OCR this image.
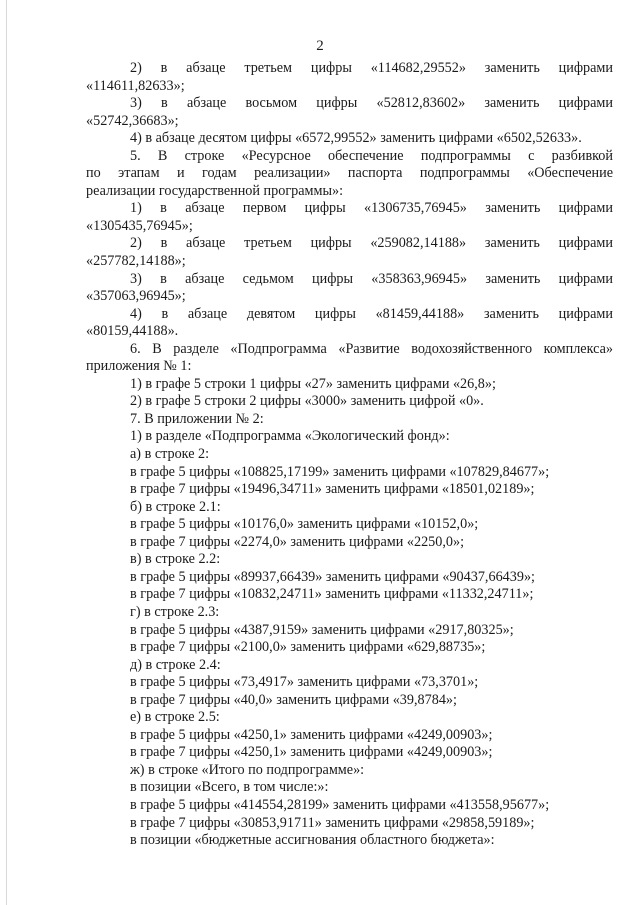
2
2) в абзаце третьем цифры «114682,29552» заменить цифрами
«114611,82633»;
3) в абзаце восьмом цифры «52812,83602» заменить цифрами
«52742,36683»;
4) в абзаце десятом цифры «6572,99552» заменить цифрами «6502,52633».
5. В строке «Ресурсное обеспечение подпрограммы с разбивкой
по этапам и годам реализации» паспорта подпрограммы «Обеспечение
реализации государственной программы»:
1) в абзаце первом цифры «1306735,76945» заменить цифрами
«1305435,76945»;
2) в абзаце третьем цифры «259082,14188» заменить цифрами
«257782,14188»;
3) в абзаце седьмом цифры «358363,96945» заменить цифрами
«357063,96945»;
4) в абзаце девятом цифры «81459,44188» заменить цифрами
«80159,44188».
6. В разделе «Подпрограмма «Развитие водохозяйственного комплекса»
приложения № 1:
1) в графе 5 строки 1 цифры «27» заменить цифрами «26,8»;
2) в графе 5 строки 2 цифры «3000» заменить цифрой «0».
7. В приложении № 2:
1) в разделе «Подпрограмма «Экологический фонд»:
а) в строке 2:
в графе 5 цифры «108825,17199» заменить цифрами «107829,84677»;
в графе 7 цифры «19496,34711» заменить цифрами «18501,02189»;
б) в строке 2.1:
в графе 5 цифры «10176,0» заменить цифрами «10152,0»;
в графе 7 цифры «2274,0» заменить цифрами «2250,0»;
в) в строке 2.2:
в графе 5 цифры «89937,66439» заменить цифрами «90437,66439»;
в графе 7 цифры «10832,24711» заменить цифрами «11332,24711»;
г) в строке 2.3:
в графе 5 цифры «4387,9159» заменить цифрами «2917,80325»;
в графе 7 цифры «2100,0» заменить цифрами «629,88735»;
д) в строке 2.4:
в графе 5 цифры «73,4917» заменить цифрами «73,3701»;
в графе 7 цифры «40,0» заменить цифрами «39,8784»;
е) в строке 2.5:
в графе 5 цифры «4250,1» заменить цифрами «4249,00903»;
в графе 7 цифры «4250,1» заменить цифрами «4249,00903»;
ж) в строке «Итого по подпрограмме»:
в позиции «Всего, в том числе:»:
в графе 5 цифры «414554,28199» заменить цифрами «413558,95677»;
в графе 7 цифры «30853,91711» заменить цифрами «29858,59189»;
в позиции «бюджетные ассигнования областного бюджета»:
